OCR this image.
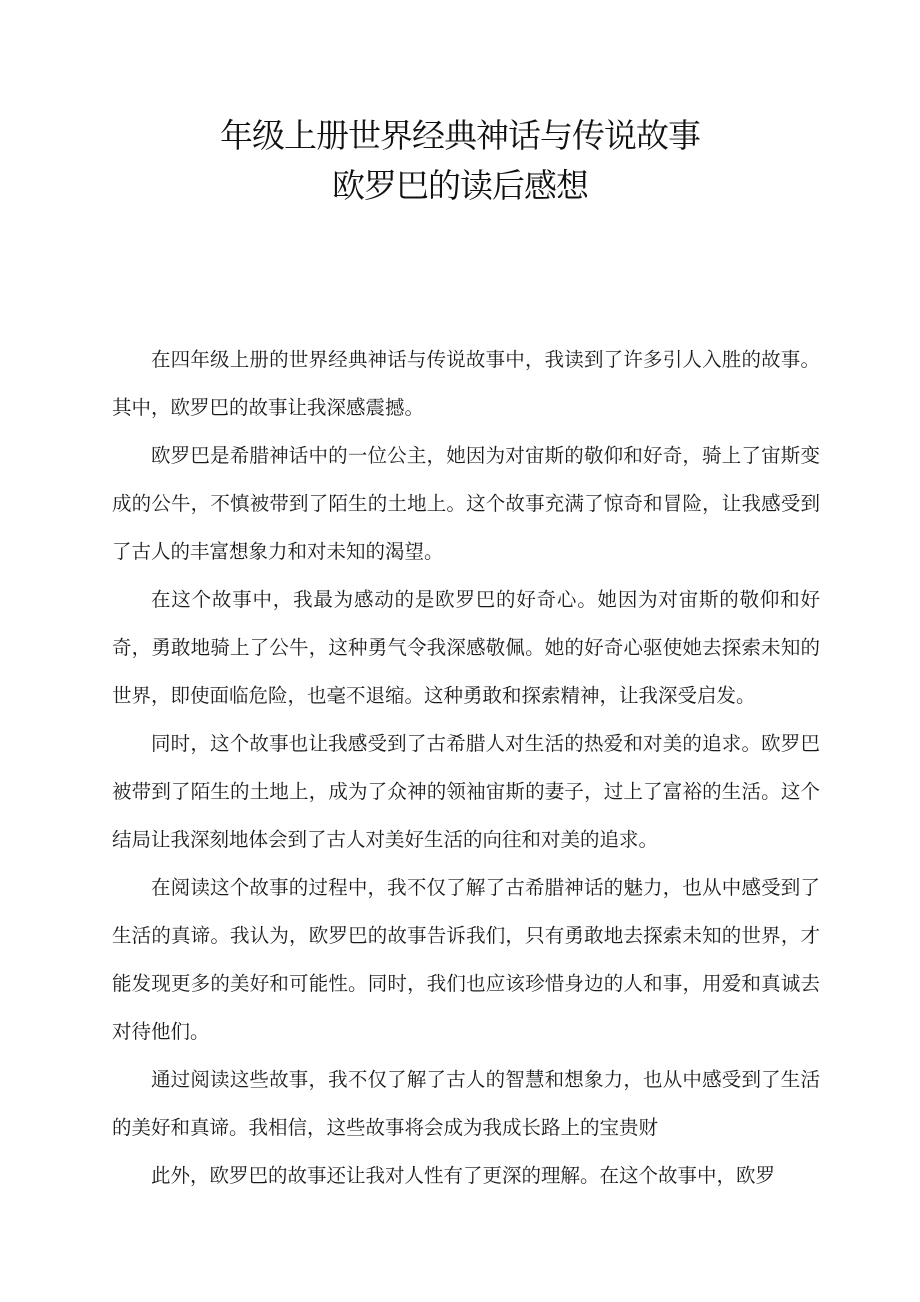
年级上册世界经典神话与传说故事
欧罗巴的读后感想

在四年级上册的世界经典神话与传说故事中，我读到了许多引人入胜的故事。其中，欧罗巴的故事让我深感震撼。

欧罗巴是希腊神话中的一位公主，她因为对宙斯的敬仰和好奇，骑上了宙斯变成的公牛，不慎被带到了陌生的土地上。这个故事充满了惊奇和冒险，让我感受到了古人的丰富想象力和对未知的渴望。

在这个故事中，我最为感动的是欧罗巴的好奇心。她因为对宙斯的敬仰和好奇，勇敢地骑上了公牛，这种勇气令我深感敬佩。她的好奇心驱使她去探索未知的世界，即使面临危险，也毫不退缩。这种勇敢和探索精神，让我深受启发。

同时，这个故事也让我感受到了古希腊人对生活的热爱和对美的追求。欧罗巴被带到了陌生的土地上，成为了众神的领袖宙斯的妻子，过上了富裕的生活。这个结局让我深刻地体会到了古人对美好生活的向往和对美的追求。

在阅读这个故事的过程中，我不仅了解了古希腊神话的魅力，也从中感受到了生活的真谛。我认为，欧罗巴的故事告诉我们，只有勇敢地去探索未知的世界，才能发现更多的美好和可能性。同时，我们也应该珍惜身边的人和事，用爱和真诚去对待他们。

通过阅读这些故事，我不仅了解了古人的智慧和想象力，也从中感受到了生活的美好和真谛。我相信，这些故事将会成为我成长路上的宝贵财

此外，欧罗巴的故事还让我对人性有了更深的理解。在这个故事中，欧罗
